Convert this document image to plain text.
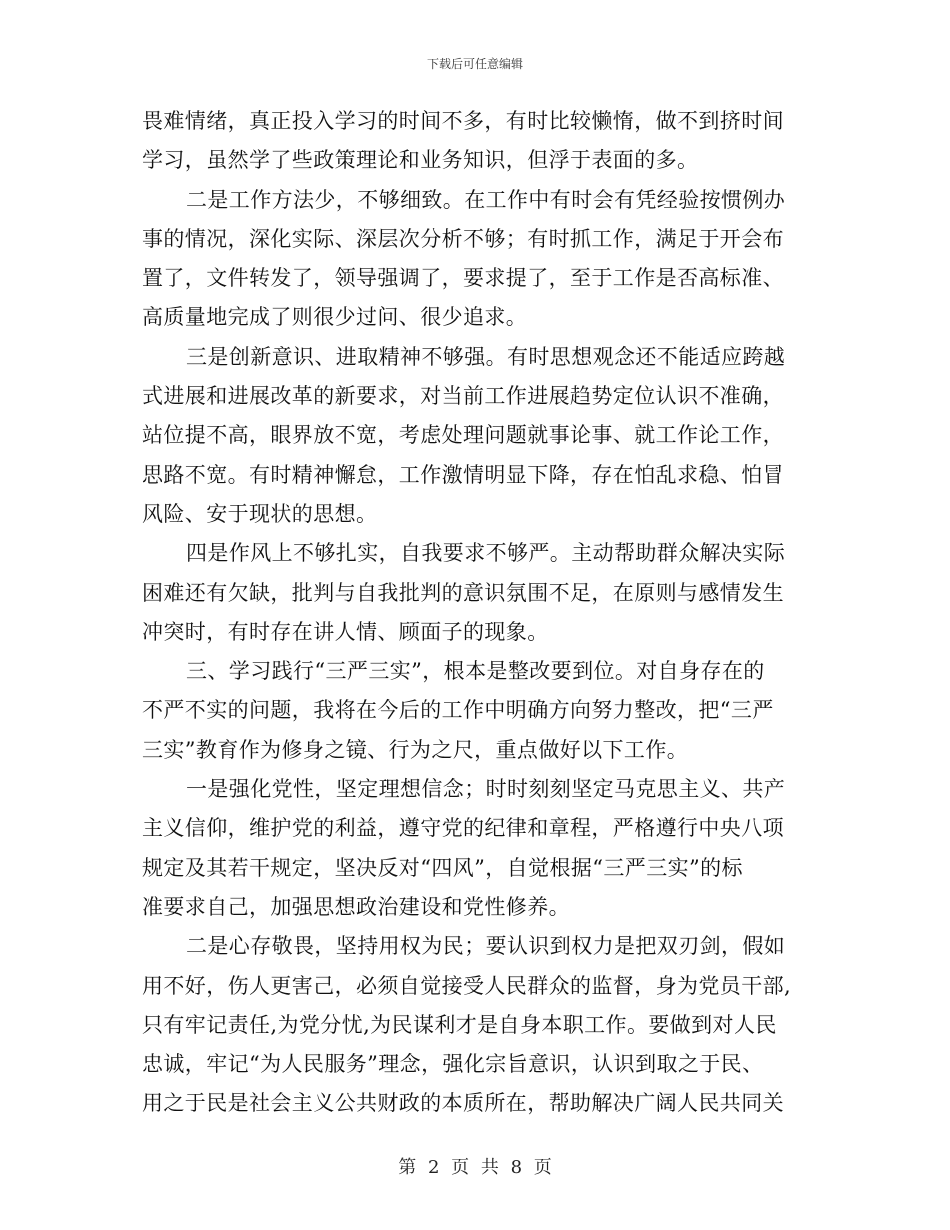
下载后可任意编辑
畏难情绪，真正投入学习的时间不多，有时比较懒惰，做不到挤时间
学习，虽然学了些政策理论和业务知识，但浮于表面的多。
二是工作方法少，不够细致。在工作中有时会有凭经验按惯例办
事的情况，深化实际、深层次分析不够；有时抓工作，满足于开会布
置了，文件转发了，领导强调了，要求提了，至于工作是否高标准、
高质量地完成了则很少过问、很少追求。
三是创新意识、进取精神不够强。有时思想观念还不能适应跨越
式进展和进展改革的新要求，对当前工作进展趋势定位认识不准确，
站位提不高，眼界放不宽，考虑处理问题就事论事、就工作论工作，
思路不宽。有时精神懈怠，工作激情明显下降，存在怕乱求稳、怕冒
风险、安于现状的思想。
四是作风上不够扎实，自我要求不够严。主动帮助群众解决实际
困难还有欠缺，批判与自我批判的意识氛围不足，在原则与感情发生
冲突时，有时存在讲人情、顾面子的现象。
三、学习践行“三严三实”，根本是整改要到位。对自身存在的
不严不实的问题，我将在今后的工作中明确方向努力整改，把“三严
三实”教育作为修身之镜、行为之尺，重点做好以下工作。
一是强化党性，坚定理想信念；时时刻刻坚定马克思主义、共产
主义信仰，维护党的利益，遵守党的纪律和章程，严格遵行中央八项
规定及其若干规定，坚决反对“四风”，自觉根据“三严三实”的标
准要求自己，加强思想政治建设和党性修养。
二是心存敬畏，坚持用权为民；要认识到权力是把双刃剑，假如
用不好，伤人更害己，必须自觉接受人民群众的监督，身为党员干部,
只有牢记责任,为党分忧,为民谋利才是自身本职工作。要做到对人民
忠诚，牢记“为人民服务”理念，强化宗旨意识，认识到取之于民、
用之于民是社会主义公共财政的本质所在，帮助解决广阔人民共同关
第 2 页 共 8 页
